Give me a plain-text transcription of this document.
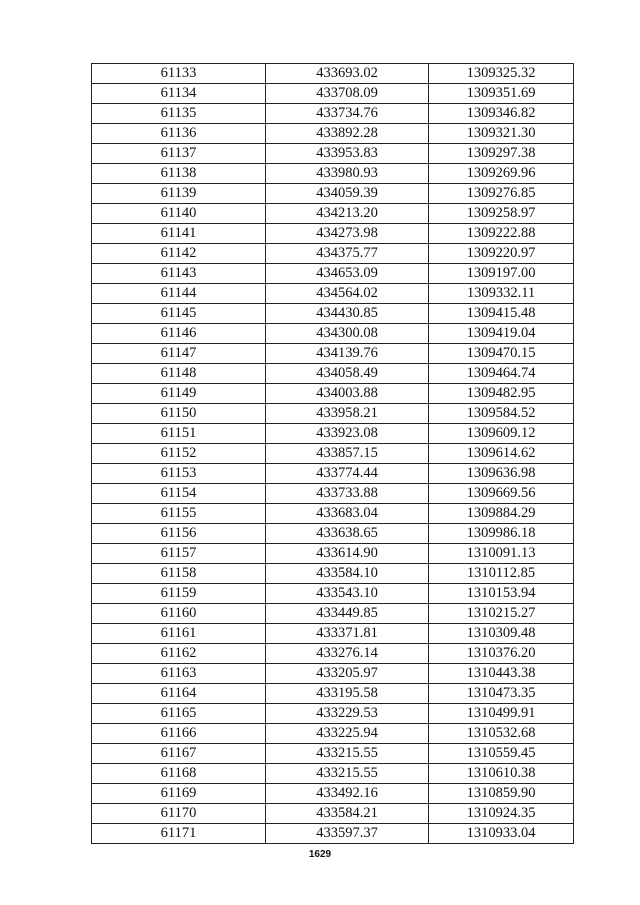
61133	433693.02	1309325.32
61134	433708.09	1309351.69
61135	433734.76	1309346.82
61136	433892.28	1309321.30
61137	433953.83	1309297.38
61138	433980.93	1309269.96
61139	434059.39	1309276.85
61140	434213.20	1309258.97
61141	434273.98	1309222.88
61142	434375.77	1309220.97
61143	434653.09	1309197.00
61144	434564.02	1309332.11
61145	434430.85	1309415.48
61146	434300.08	1309419.04
61147	434139.76	1309470.15
61148	434058.49	1309464.74
61149	434003.88	1309482.95
61150	433958.21	1309584.52
61151	433923.08	1309609.12
61152	433857.15	1309614.62
61153	433774.44	1309636.98
61154	433733.88	1309669.56
61155	433683.04	1309884.29
61156	433638.65	1309986.18
61157	433614.90	1310091.13
61158	433584.10	1310112.85
61159	433543.10	1310153.94
61160	433449.85	1310215.27
61161	433371.81	1310309.48
61162	433276.14	1310376.20
61163	433205.97	1310443.38
61164	433195.58	1310473.35
61165	433229.53	1310499.91
61166	433225.94	1310532.68
61167	433215.55	1310559.45
61168	433215.55	1310610.38
61169	433492.16	1310859.90
61170	433584.21	1310924.35
61171	433597.37	1310933.04
1629
